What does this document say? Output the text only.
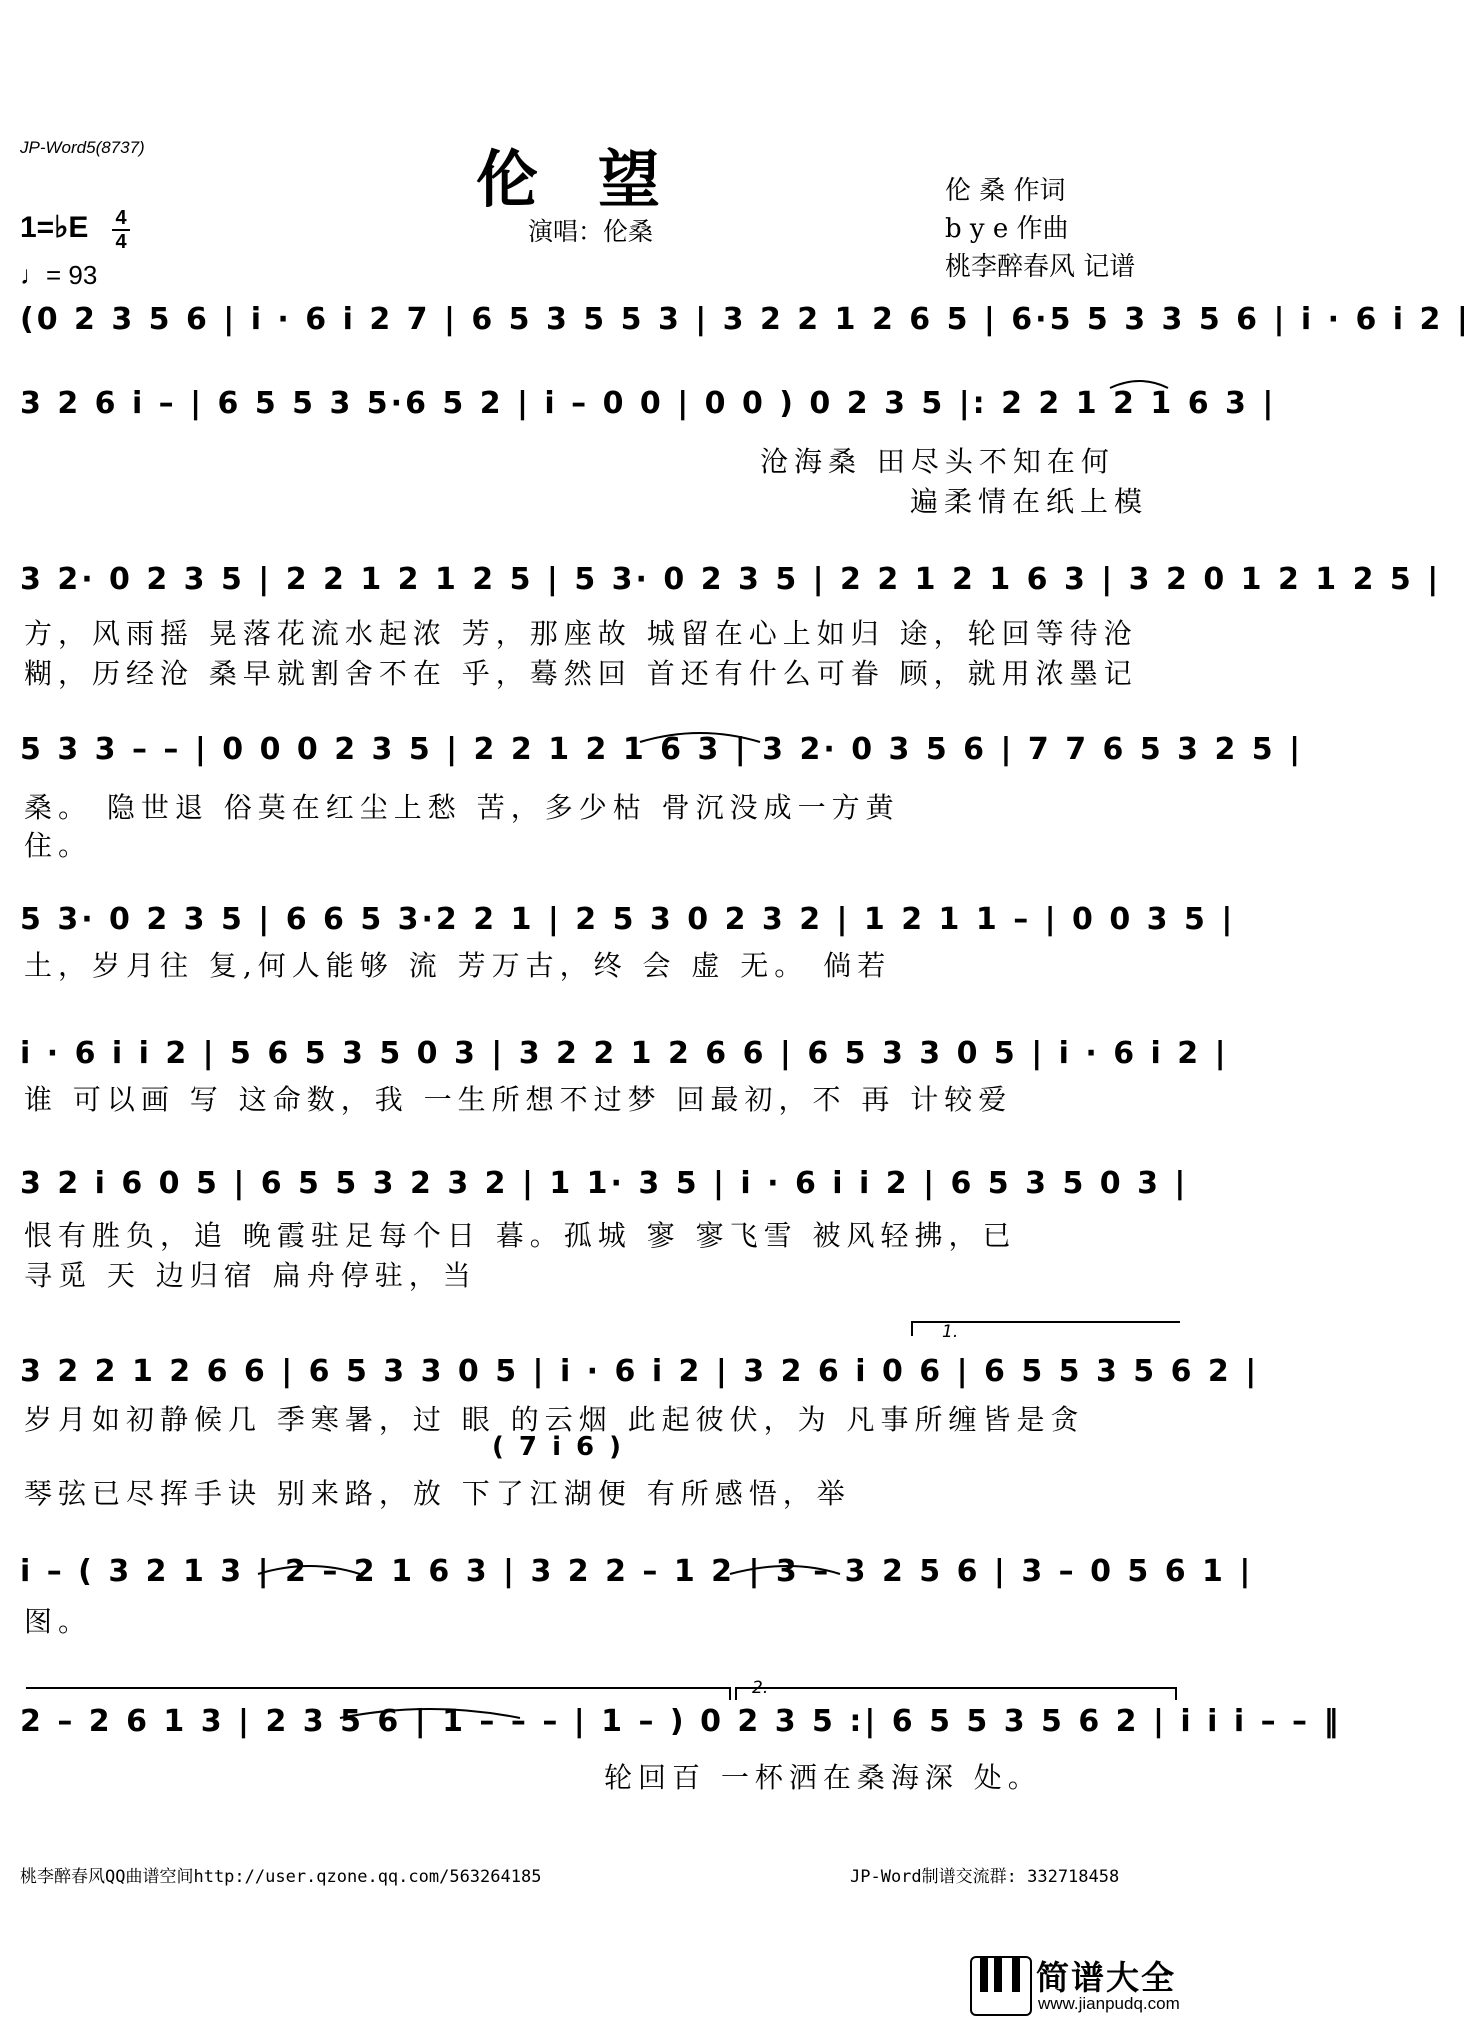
JP-Word5(8737)	伦望
演唱：伦桑
伦 桑 作词
b y e 作曲
桃李醉春风 记谱
1=♭E 4
4
♩= 93
(0 2 3 5 6 | i · 6 i 2 7 | 6 5 3 5 5 3 | 3 2 2 1 2 6 5 | 6·5 5 3 3 5 6 | i · 6 i 2 |
3 2 6 i – | 6 5 5 3 5·6 5 2 | i – 0 0 | 0 0 ) 0 2 3 5 |: 2 2 1 2 1 6 3 |
沧海桑 田尽头不知在何
遍柔情在纸上模
3 2· 0 2 3 5 | 2 2 1 2 1 2 5 | 5 3· 0 2 3 5 | 2 2 1 2 1 6 3 | 3 2 0 1 2 1 2 5 |
方，风雨摇 晃落花流水起浓 芳，那座故 城留在心上如归 途，轮回等待沧
糊，历经沧 桑早就割舍不在 乎，蓦然回 首还有什么可眷 顾，就用浓墨记
5 3 3 – – | 0 0 0 2 3 5 | 2 2 1 2 1 6 3 | 3 2· 0 3 5 6 | 7 7 6 5 3 2 5 |
桑。 隐世退 俗莫在红尘上愁 苦，多少枯 骨沉没成一方黄
住。
5 3· 0 2 3 5 | 6 6 5 3·2 2 1 | 2 5 3 0 2 3 2 | 1 2 1 1 – | 0 0 3 5 |
土，岁月往 复,何人能够 流 芳万古，终 会 虚 无。 倘若
i · 6 i i 2 | 5 6 5 3 5 0 3 | 3 2 2 1 2 6 6 | 6 5 3 3 0 5 | i · 6 i 2 |
谁 可以画 写 这命数，我 一生所想不过梦 回最初，不 再 计较爱
3 2 i 6 0 5 | 6 5 5 3 2 3 2 | 1 1· 3 5 | i · 6 i i 2 | 6 5 3 5 0 3 |
恨有胜负，追 晚霞驻足每个日 暮。孤城 寥 寥飞雪 被风轻拂，已
寻觅 天 边归宿 扁舟停驻，当
1.
3 2 2 1 2 6 6 | 6 5 3 3 0 5 | i · 6 i 2 | 3 2 6 i 0 6 | 6 5 5 3 5 6 2 |
岁月如初静候几 季寒暑，过 眼 的云烟 此起彼伏，为 凡事所缠皆是贪
( 7 i 6 )
琴弦已尽挥手诀 别来路，放 下了江湖便 有所感悟，举
i – ( 3 2 1 3 | 2 – 2 1 6 3 | 3 2 2 – 1 2 | 3 – 3 2 5 6 | 3 – 0 5 6 1 |
图。
2.
2 – 2 6 1 3 | 2 3 5 6 | 1 – – – | 1 – ) 0 2 3 5 :| 6 5 5 3 5 6 2 | i i i – – ‖
轮回百 一杯洒在桑海深 处。
桃李醉春风QQ曲谱空间http://user.qzone.qq.com/563264185	JP-Word制谱交流群: 332718458
简谱大全
www.jianpudq.com
